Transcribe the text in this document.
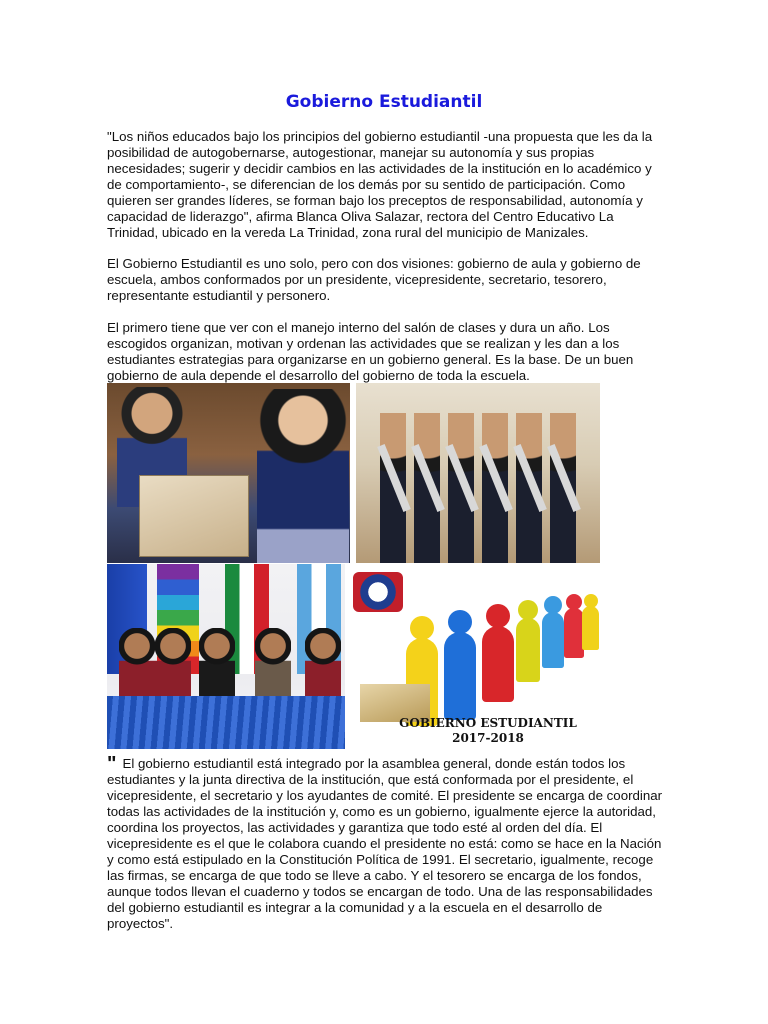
Gobierno Estudiantil

"Los niños educados bajo los principios del gobierno estudiantil -una propuesta que les da la posibilidad de autogobernarse, autogestionar, manejar su autonomía y sus propias necesidades; sugerir y decidir cambios en las actividades de la institución en lo académico y de comportamiento-, se diferencian de los demás por su sentido de participación. Como quieren ser grandes líderes, se forman bajo los preceptos de responsabilidad, autonomía y capacidad de liderazgo", afirma Blanca Oliva Salazar, rectora del Centro Educativo La Trinidad, ubicado en la vereda La Trinidad, zona rural del municipio de Manizales.

El Gobierno Estudiantil es uno solo, pero con dos visiones: gobierno de aula y gobierno de escuela, ambos conformados por un presidente, vicepresidente, secretario, tesorero, representante estudiantil y personero.

El primero tiene que ver con el manejo interno del salón de clases y dura un año. Los escogidos organizan, motivan y ordenan las actividades que se realizan y les dan a los estudiantes estrategias para organizarse en un gobierno general. Es la base. De un buen gobierno de aula depende el desarrollo del gobierno de toda la escuela.

GOBIERNO ESTUDIANTIL
2017-2018

" El gobierno estudiantil está integrado por la asamblea general, donde están todos los estudiantes y la junta directiva de la institución, que está conformada por el presidente, el vicepresidente, el secretario y los ayudantes de comité. El presidente se encarga de coordinar todas las actividades de la institución y, como es un gobierno, igualmente ejerce la autoridad, coordina los proyectos, las actividades y garantiza que todo esté al orden del día. El vicepresidente es el que le colabora cuando el presidente no está: como se hace en la Nación y como está estipulado en la Constitución Política de 1991. El secretario, igualmente, recoge las firmas, se encarga de que todo se lleve a cabo. Y el tesorero se encarga de los fondos, aunque todos llevan el cuaderno y todos se encargan de todo. Una de las responsabilidades del gobierno estudiantil es integrar a la comunidad y a la escuela en el desarrollo de proyectos".
